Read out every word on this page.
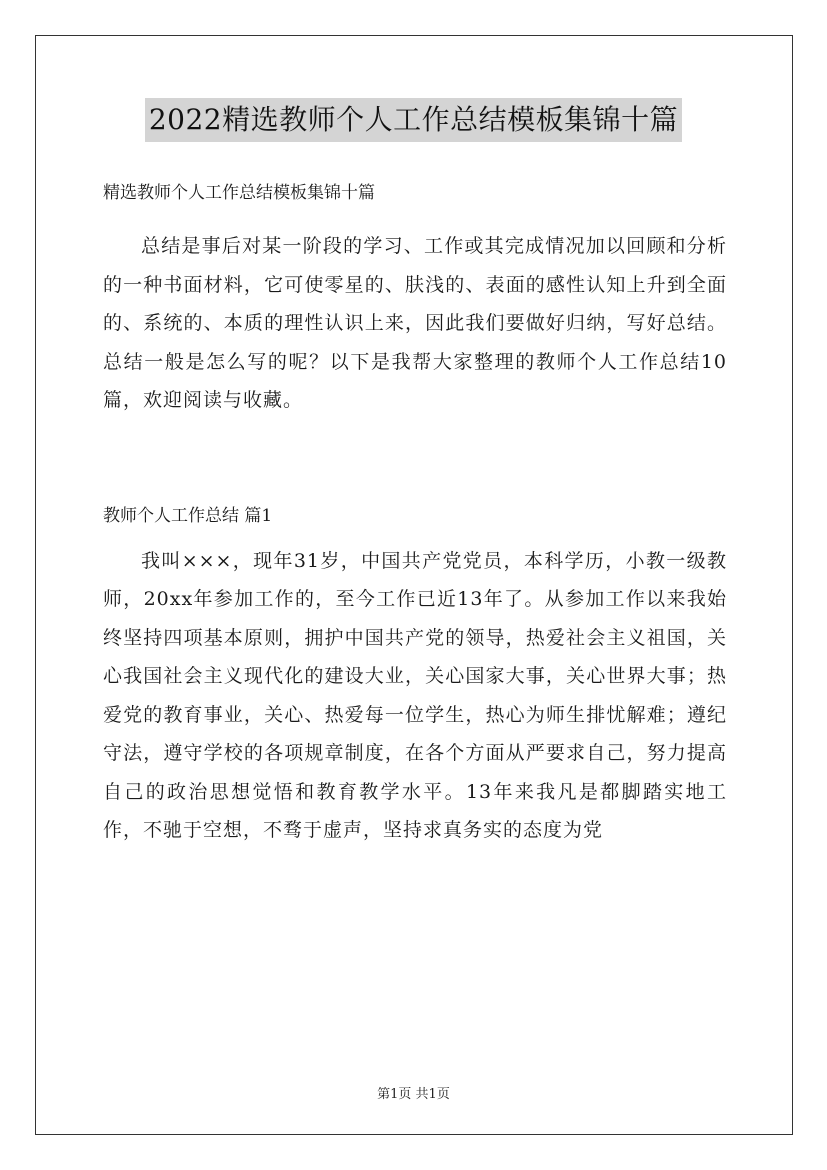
2022精选教师个人工作总结模板集锦十篇

精选教师个人工作总结模板集锦十篇

总结是事后对某一阶段的学习、工作或其完成情况加以回顾和分析的一种书面材料，它可使零星的、肤浅的、表面的感性认知上升到全面的、系统的、本质的理性认识上来，因此我们要做好归纳，写好总结。总结一般是怎么写的呢？以下是我帮大家整理的教师个人工作总结10篇，欢迎阅读与收藏。

教师个人工作总结 篇1

我叫×××，现年31岁，中国共产党党员，本科学历，小教一级教师，20xx年参加工作的，至今工作已近13年了。从参加工作以来我始终坚持四项基本原则，拥护中国共产党的领导，热爱社会主义祖国，关心我国社会主义现代化的建设大业，关心国家大事，关心世界大事；热爱党的教育事业，关心、热爱每一位学生，热心为师生排忧解难；遵纪守法，遵守学校的各项规章制度，在各个方面从严要求自己，努力提高自己的政治思想觉悟和教育教学水平。13年来我凡是都脚踏实地工作，不驰于空想，不骛于虚声，坚持求真务实的态度为党

第1页 共1页
